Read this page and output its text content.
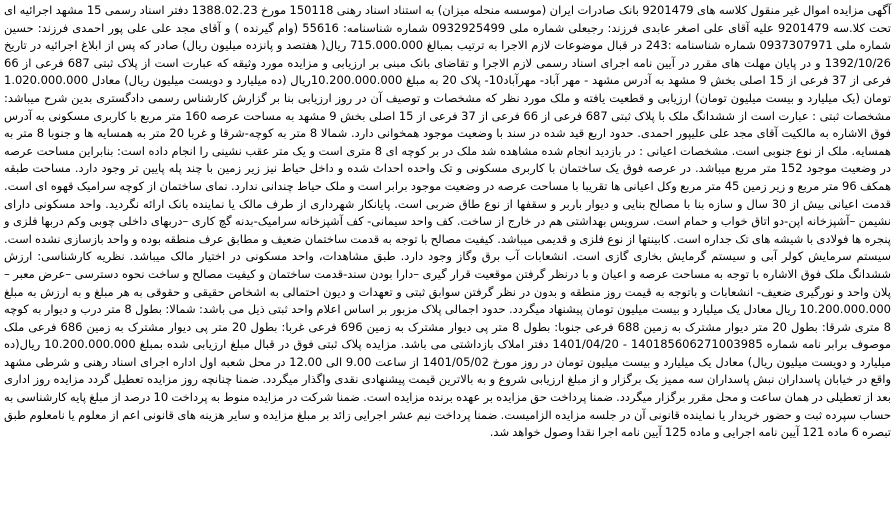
آگهی مزایده اموال غیر منقول کلاسه های 9201479 بانک صادرات ایران (موسسه منحله میزان) به استناد اسناد رهنی 150118 مورخ 1388.02.23 دفتر اسناد رسمی 15 مشهد اجرائیه ای تحت کلا.سه 9201479 علیه آقای علی اصغر عابدی فرزند: رجبعلی شماره ملی 0932925499 شماره شناسنامه: 55616 (وام گیرنده ) و آقای مجد علی علی پور احمدی فرزند: حسین شماره ملی 0937307971 شماره شناسنامه :243 در قبال موضوعات لازم الاجرا به ترتیب بمبالغ 715.000.000 ریال( هفتصد و پانزده میلیون ریال) صادر که پس از ابلاغ اجرائیه در تاریخ 1392/10/26 و در پایان مهلت های مقرر در آیین نامه اجرای اسناد رسمی لازم الاجرا و تقاضای بانک مبنی بر ارزیابی و مزایده مورد وثیقه که عبارت است از پلاک ثبتی 687 فرعی از 66 فرعی از 37 فرعی از 15 اصلی بخش 9 مشهد به آدرس مشهد - مهر آباد- مهرآباد10- پلاک 20 به مبلغ 10.200.000.000ریال (ده میلیارد و دویست میلیون ریال) معادل 1.020.000.000 تومان (یک میلیارد و بیست میلیون تومان) ارزیابی و قطعیت یافته و ملک مورد نظر که مشخصات و توصیف آن در روز ارزیابی بنا بر گزارش کارشناس رسمی دادگستری بدین شرح میباشد: مشخصات ثبتی : عبارت است از ششدانگ ملک با پلاک ثبتی 687 فرعی از 66 فرعی از 37 فرعی از 15 اصلی بخش 9 مشهد به مساحت عرصه 160 متر مربع با کاربری مسکونی به آدرس فوق الاشاره به مالکیت آقای مجد علی علیپور احمدی. حدود اربع قید شده در سند با وضعیت موجود همخوانی دارد. شمالا 8 متر به کوچه-شرقا و غربا 20 متر به همسایه ها و جنوبا 8 متر به همسایه. ملک از نوع جنوبی است. مشخصات اعیانی : در بازدید انجام شده مشاهده شد ملک در بر کوچه ای 8 متری است و یک متر عقب نشینی را انجام داده است: بنابراین مساحت عرصه در وضعیت موجود 152 متر مربع میباشد. در عرصه فوق یک ساختمان با کاربری مسکونی و تک واحده احداث شده و داخل حیاط نیز زیر زمین با چند پله پایین تر وجود دارد. مساحت طبقه همکف 96 متر مربع و زیر زمین 45 متر مربع وکل اعیانی ها تقریبا با مساحت عرصه در وضعیت موجود برابر است و ملک حیاط چندانی ندارد. نمای ساختمان از کوچه سرامیک قهوه ای است. قدمت اعیانی بیش از 30 سال و سازه بنا با مصالح بنایی و دیوار باربر و سقفها از نوع طاق ضربی است. پایانکار شهرداری از طرف مالک یا نماینده بانک ارائه نگردید. واحد مسکونی دارای نشیمن –آشپزخانه اپن-دو اتاق خواب و حمام است. سرویس بهداشتی هم در خارج از ساخت. کف واحد سیمانی- کف آشپزخانه سرامیک-بدنه گچ کاری –دربهای داخلی چوبی وکم دربها فلزی و پنجره ها فولادی با شیشه های تک جداره است. کابینتها از نوع فلزی و قدیمی میباشد. کیفیت مصالح با توجه به قدمت ساختمان ضعیف و مطابق عرف منطقه بوده و واحد بازسازی نشده است. سیستم سرمایش کولر آبی و سیستم گرمایش بخاری گازی است. انشعابات آب برق وگاز وجود دارد. طبق مشاهدات، واحد مسکونی در اختیار مالک میباشد. نظریه کارشناسی: ارزش ششدانگ ملک فوق الاشاره با توجه به مساحت عرصه و اعیان و با درنظر گرفتن موقعیت قرار گیری –دارا بودن سند-قدمت ساختمان و کیفیت مصالح و ساخت نحوه دسترسی –عرض معبر –پلان واحد و نورگیری ضعیف- انشعابات و باتوجه به قیمت روز منطقه و بدون در نظر گرفتن سوابق ثبتی و تعهدات و دیون احتمالی به اشخاص حقیقی و حقوقی به هر مبلغ و به ارزش به مبلغ 10.200.000.000 ریال معادل یک میلیارد و بیست میلیون تومان پیشنهاد میگردد. حدود اجمالی پلاک مزبور بر اساس اعلام واحد ثبتی ذیل می باشد: شمالا: بطول 8 متر درب و دیوار به کوچه 8 متری شرقا: بطول 20 متر دیوار مشترک به زمین 688 فرعی جنوبا: بطول 8 متر پی دیوار مشترک به زمین 696 فرعی غربا: بطول 20 متر پی دیوار مشترک به زمین 686 فرعی ملک موصوف برابر نامه شماره 140185606271003985 - 1401/04/20 دفتر املاک بازداشتی می باشد. مزایده پلاک ثبتی فوق در قبال مبلغ ارزیابی شده بمبلغ 10.200.000.000 ریال(ده میلیارد و دویست میلیون ریال) معادل یک میلیارد و بیست میلیون تومان در روز مورخ 1401/05/02 از ساعت 9.00 الی 12.00 در محل شعبه اول اداره اجرای اسناد رهنی و شرطی مشهد واقع در خیابان پاسداران نبش پاسداران سه ممیز یک برگزار و از مبلغ ارزیابی شروع و به بالاترین قیمت پیشنهادی نقدی واگذار میگردد. ضمنا چنانچه روز مزایده تعطیل گردد مزایده روز اداری بعد از تعطیلی در همان ساعت و محل مقرر برگزار میگردد. ضمنا پرداخت حق مزایده بر عهده برنده مزایده است. ضمنا شرکت در مزایده منوط به پرداخت 10 درصد از مبلغ پایه کارشناسی به حساب سپرده ثبت و حضور خریدار یا نماینده قانونی آن در جلسه مزایده الزامیست. ضمنا پرداخت نیم عشر اجرایی زائد بر مبلغ مزایده و سایر هزینه های قانونی اعم از معلوم یا نامعلوم طبق تبصره 6 ماده 121 آیین نامه اجرایی و ماده 125 آیین نامه اجرا نقدا وصول خواهد شد.
